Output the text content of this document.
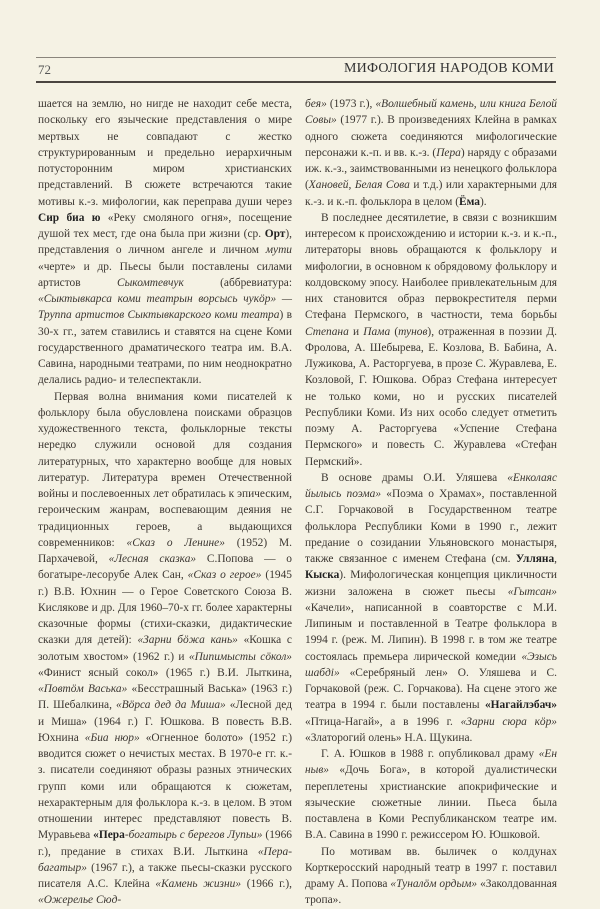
72	МИФОЛОГИЯ НАРОДОВ КОМИ

шается на землю, но нигде не находит себе места, поскольку его языческие представления о мире мертвых не совпадают с жестко структурированным и предельно иерархичным потусторонним миром христианских представлений. В сюжете встречаются такие мотивы к.-з. мифологии, как переправа души через Сир биа ю «Реку смоляного огня», посещение душой тех мест, где она была при жизни (ср. Орт), представления о личном ангеле и личном мути «черте» и др. Пьесы были поставлены силами артистов Сыкомтевчук (аббревиатура: «Сыктывкарса коми театрын ворсысь чукӧр» — Труппа артистов Сыктывкарского коми театра) в 30-х гг., затем ставились и ставятся на сцене Коми государственного драматического театра им. В.А. Савина, народными театрами, по ним неоднократно делались радио- и телеспектакли.

Первая волна внимания коми писателей к фольклору была обусловлена поисками образцов художественного текста, фольклорные тексты нередко служили основой для создания литературных, что характерно вообще для новых литератур. Литература времен Отечественной войны и послевоенных лет обратилась к эпическим, героическим жанрам, воспевающим деяния не традиционных героев, а выдающихся современников: «Сказ о Ленине» (1952) М. Пархачевой, «Лесная сказка» С.Попова — о богатыре-лесорубе Алек Сан, «Сказ о герое» (1945 г.) В.В. Юхнин — о Герое Советского Союза В. Кислякове и др. Для 1960–70-х гг. более характерны сказочные формы (стихи-сказки, дидактические сказки для детей): «Зарни бӧжа кань» «Кошка с золотым хвостом» (1962 г.) и «Пипимысты сӧкол» «Финист ясный сокол» (1965 г.) В.И. Лыткина, «Повтӧм Васька» «Бесстрашный Васька» (1963 г.) П. Шебалкина, «Вӧрса дед да Миша» «Лесной дед и Миша» (1964 г.) Г. Юшкова. В повесть В.В. Юхнина «Биа нюр» «Огненное болото» (1952 г.) вводится сюжет о нечистых местах. В 1970-е гг. к.-з. писатели соединяют образы разных этнических групп коми или обращаются к сюжетам, нехарактерным для фольклора к.-з. в целом. В этом отношении интерес представляют повесть В. Муравьева «Пера-богатырь с берегов Лупьи» (1966 г.), предание в стихах В.И. Лыткина «Пера-багатыр» (1967 г.), а также пьесы-сказки русского писателя А.С. Клейна «Камень жизни» (1966 г.), «Ожерелье Сюд-

бея» (1973 г.), «Волшебный камень, или книга Белой Совы» (1977 г.). В произведениях Клейна в рамках одного сюжета соединяются мифологические персонажи к.-п. и вв. к.-з. (Пера) наряду с образами иж. к.-з., заимствованными из ненецкого фольклора (Хановей, Белая Сова и т.д.) или характерными для к.-з. и к.-п. фольклора в целом (Ёма).

В последнее десятилетие, в связи с возникшим интересом к происхождению и истории к.-з. и к.-п., литераторы вновь обращаются к фольклору и мифологии, в основном к обрядовому фольклору и колдовскому эпосу. Наиболее привлекательным для них становится образ первокрестителя перми Стефана Пермского, в частности, тема борьбы Степана и Пама (тунов), отраженная в поэзии Д. Фролова, А. Шебырева, Е. Козлова, В. Бабина, А. Лужикова, А. Расторгуева, в прозе С. Журавлева, Е. Козловой, Г. Юшкова. Образ Стефана интересует не только коми, но и русских писателей Республики Коми. Из них особо следует отметить поэму А. Расторгуева «Успение Стефана Пермского» и повесть С. Журавлева «Стефан Пермский».

В основе драмы О.И. Уляшева «Енколаяс йылысь поэма» «Поэма о Храмах», поставленной С.Г. Горчаковой в Государственном театре фольклора Республики Коми в 1990 г., лежит предание о созидании Ульяновского монастыря, также связанное с именем Стефана (см. Уллянa, Кыска). Мифологическая концепция цикличности жизни заложена в сюжет пьесы «Гытсан» «Качели», написанной в соавторстве с М.И. Липиным и поставленной в Театре фольклора в 1994 г. (реж. М. Липин). В 1998 г. в том же театре состоялась премьера лирической комедии «Эзысь шабді» «Серебряный лен» О. Уляшева и С. Горчаковой (реж. С. Горчакова). На сцене этого же театра в 1994 г. были поставлены «Нагайлэбач» «Птица-Нагай», а в 1996 г. «Зарни сюра кӧр» «Златорогий олень» Н.А. Щукина.

Г. А. Юшков в 1988 г. опубликовал драму «Ен ныв» «Дочь Бога», в которой дуалистически переплетены христианские апокрифические и языческие сюжетные линии. Пьеса была поставлена в Коми Республиканском театре им. В.А. Савина в 1990 г. режиссером Ю. Юшковой.

По мотивам вв. быличек о колдунах Корткеросский народный театр в 1997 г. поставил драму А. Попова «Туналӧм ордым» «Заколдованная тропа».
